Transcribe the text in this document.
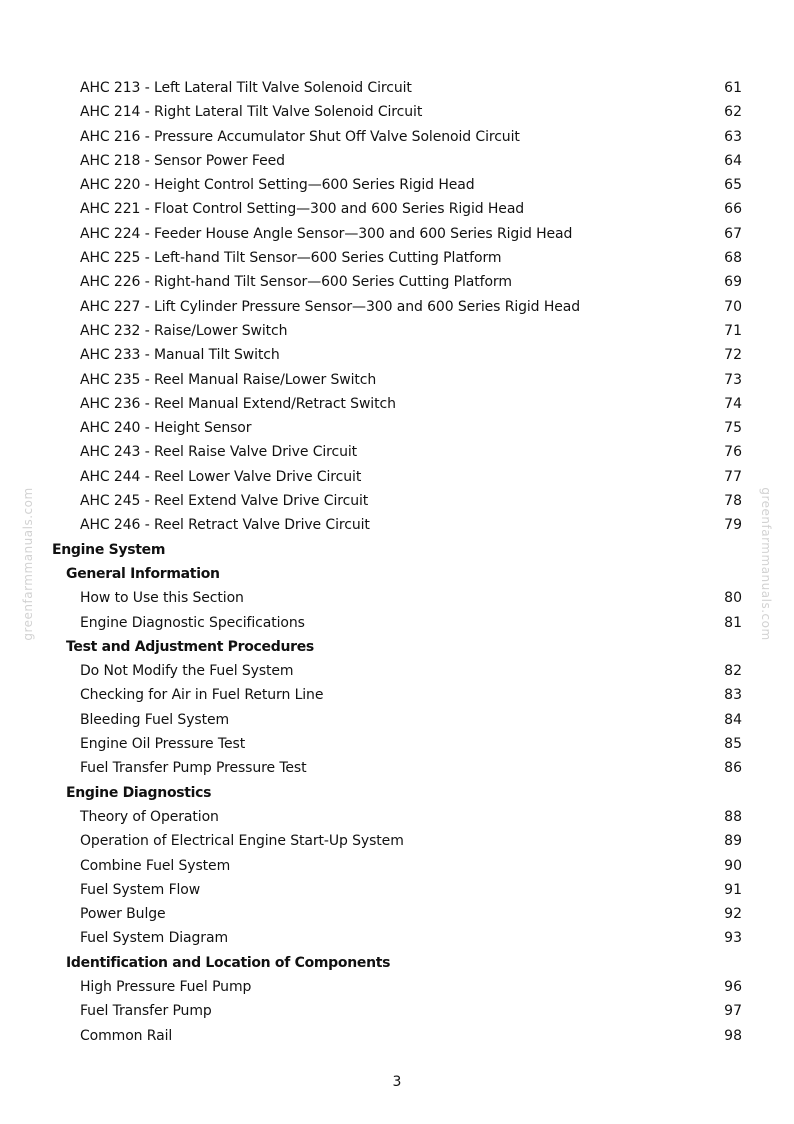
AHC 213 - Left Lateral Tilt Valve Solenoid Circuit	61
AHC 214 - Right Lateral Tilt Valve Solenoid Circuit	62
AHC 216 - Pressure Accumulator Shut Off Valve Solenoid Circuit	63
AHC 218 - Sensor Power Feed	64
AHC 220 - Height Control Setting—600 Series Rigid Head	65
AHC 221 - Float Control Setting—300 and 600 Series Rigid Head	66
AHC 224 - Feeder House Angle Sensor—300 and 600 Series Rigid Head	67
AHC 225 - Left-hand Tilt Sensor—600 Series Cutting Platform	68
AHC 226 - Right-hand Tilt Sensor—600 Series Cutting Platform	69
AHC 227 - Lift Cylinder Pressure Sensor—300 and 600 Series Rigid Head	70
AHC 232 - Raise/Lower Switch	71
AHC 233 - Manual Tilt Switch	72
AHC 235 - Reel Manual Raise/Lower Switch	73
AHC 236 - Reel Manual Extend/Retract Switch	74
AHC 240 - Height Sensor	75
AHC 243 - Reel Raise Valve Drive Circuit	76
AHC 244 - Reel Lower Valve Drive Circuit	77
AHC 245 - Reel Extend Valve Drive Circuit	78
AHC 246 - Reel Retract Valve Drive Circuit	79
Engine System
General Information
How to Use this Section	80
Engine Diagnostic Specifications	81
Test and Adjustment Procedures
Do Not Modify the Fuel System	82
Checking for Air in Fuel Return Line	83
Bleeding Fuel System	84
Engine Oil Pressure Test	85
Fuel Transfer Pump Pressure Test	86
Engine Diagnostics
Theory of Operation	88
Operation of Electrical Engine Start-Up System	89
Combine Fuel System	90
Fuel System Flow	91
Power Bulge	92
Fuel System Diagram	93
Identification and Location of Components
High Pressure Fuel Pump	96
Fuel Transfer Pump	97
Common Rail	98
3
greenfarmmanuals.com	greenfarmmanuals.com
